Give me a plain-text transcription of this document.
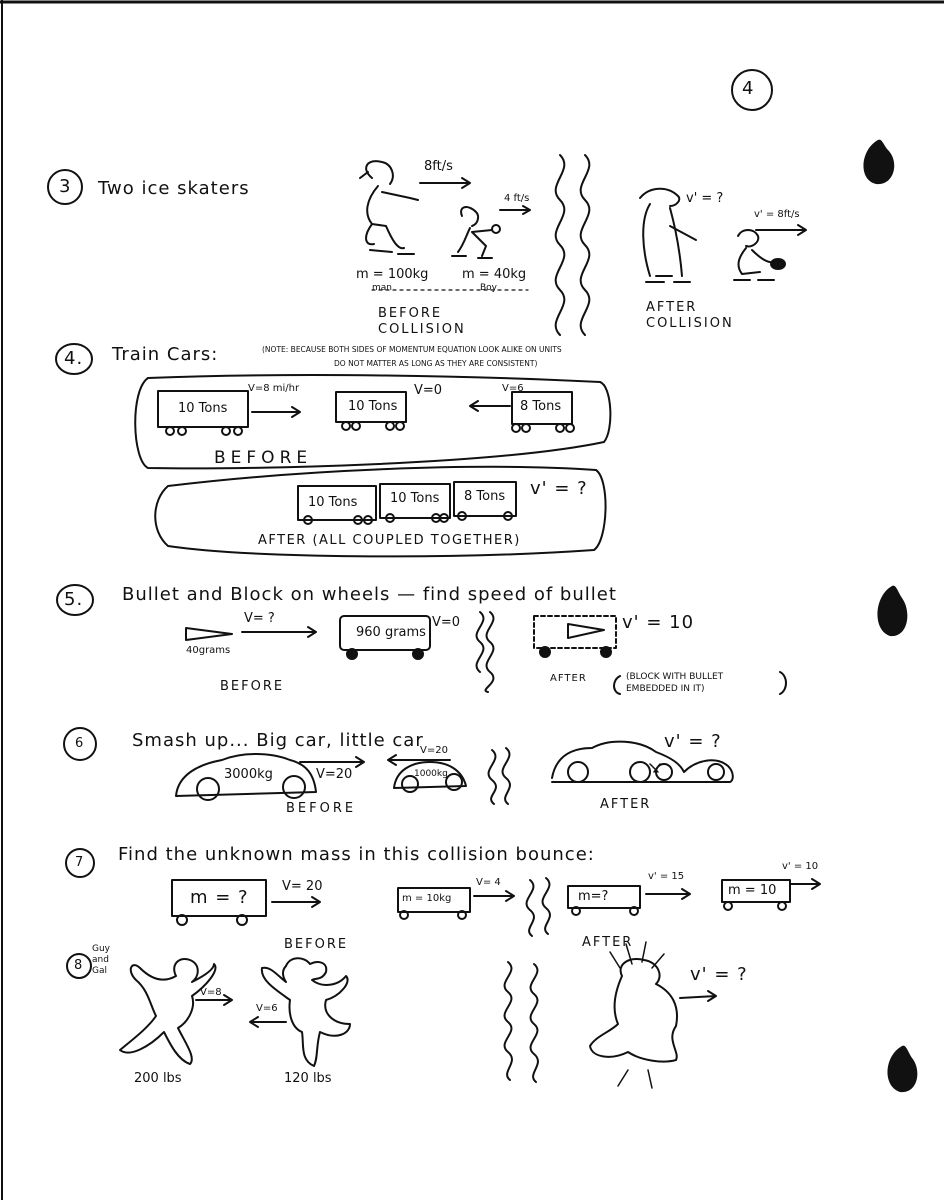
4
3 Two ice skaters
8ft/s
4 ft/s
m = 100kg
man
m = 40kg
Boy
BEFORE COLLISION
v' = ?
v' = 8ft/s
AFTER COLLISION
4. Train Cars:	(NOTE: BECAUSE BOTH SIDES OF MOMENTUM EQUATION LOOK ALIKE ON UNITS
DO NOT MATTER AS LONG AS THEY ARE CONSISTENT)
10 Tons
V=8 mi/hr
10 Tons
V=0
8 Tons
V=6
BEFORE
10 Tons	10 Tons 8 Tons v' = ?
AFTER (ALL COUPLED TOGETHER)
5. Bullet and Block on wheels — find speed of bullet
V= ?
40grams
960 grams
V=0	v' = 10
BEFORE
AFTER	(BLOCK WITH BULLET EMBEDDED IN IT)
6	Smash up... Big car, little car
3000kg	V=20	1000kg
V=20
BEFORE
v' = ?
AFTER
7 Find the unknown mass in this collision bounce:
m = ?
V= 20
m = 10kg
V= 4
m=?
v' = 15
m = 10
v' = 10
BEFORE	AFTER
8
Guy and Gal
V=8
V=6
200 lbs	120 lbs
v' = ?
